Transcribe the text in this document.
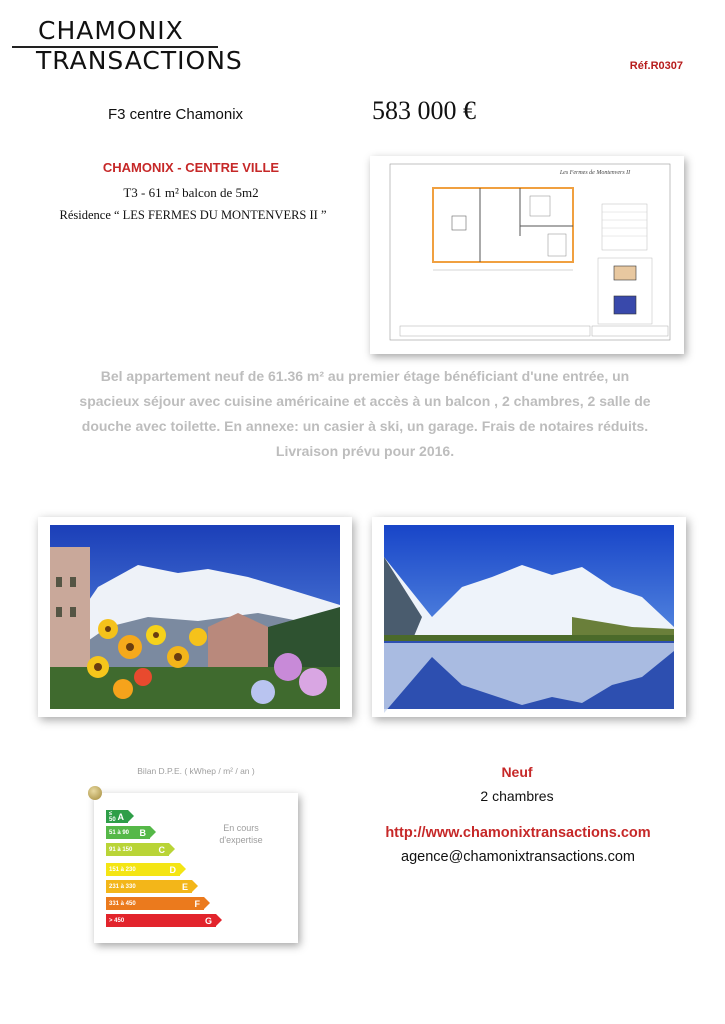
CHAMONIX
TRANSACTIONS	Réf.R0307
F3 centre Chamonix	583 000 €
CHAMONIX - CENTRE VILLE
T3 - 61 m² balcon de 5m2
Résidence “ LES FERMES DU MONTENVERS II ”
Les Fermes de Montenvers II
Bel appartement neuf de 61.36 m² au premier étage bénéficiant d'une entrée, un
spacieux séjour avec cuisine américaine et accès à un balcon , 2 chambres, 2 salle de
douche avec toilette. En annexe: un casier à ski, un garage. Frais de notaires réduits.
Livraison prévu pour 2016.
Bilan D.P.E. ( kWhep / m² / an )
≤ 50 A
51 à 90 B
91 à 150	C
151 à 230	D
231 à 330	E
331 à 450	F
> 450	G
En cours
d'expertise
Neuf
2 chambres
http://www.chamonixtransactions.com
agence@chamonixtransactions.com
